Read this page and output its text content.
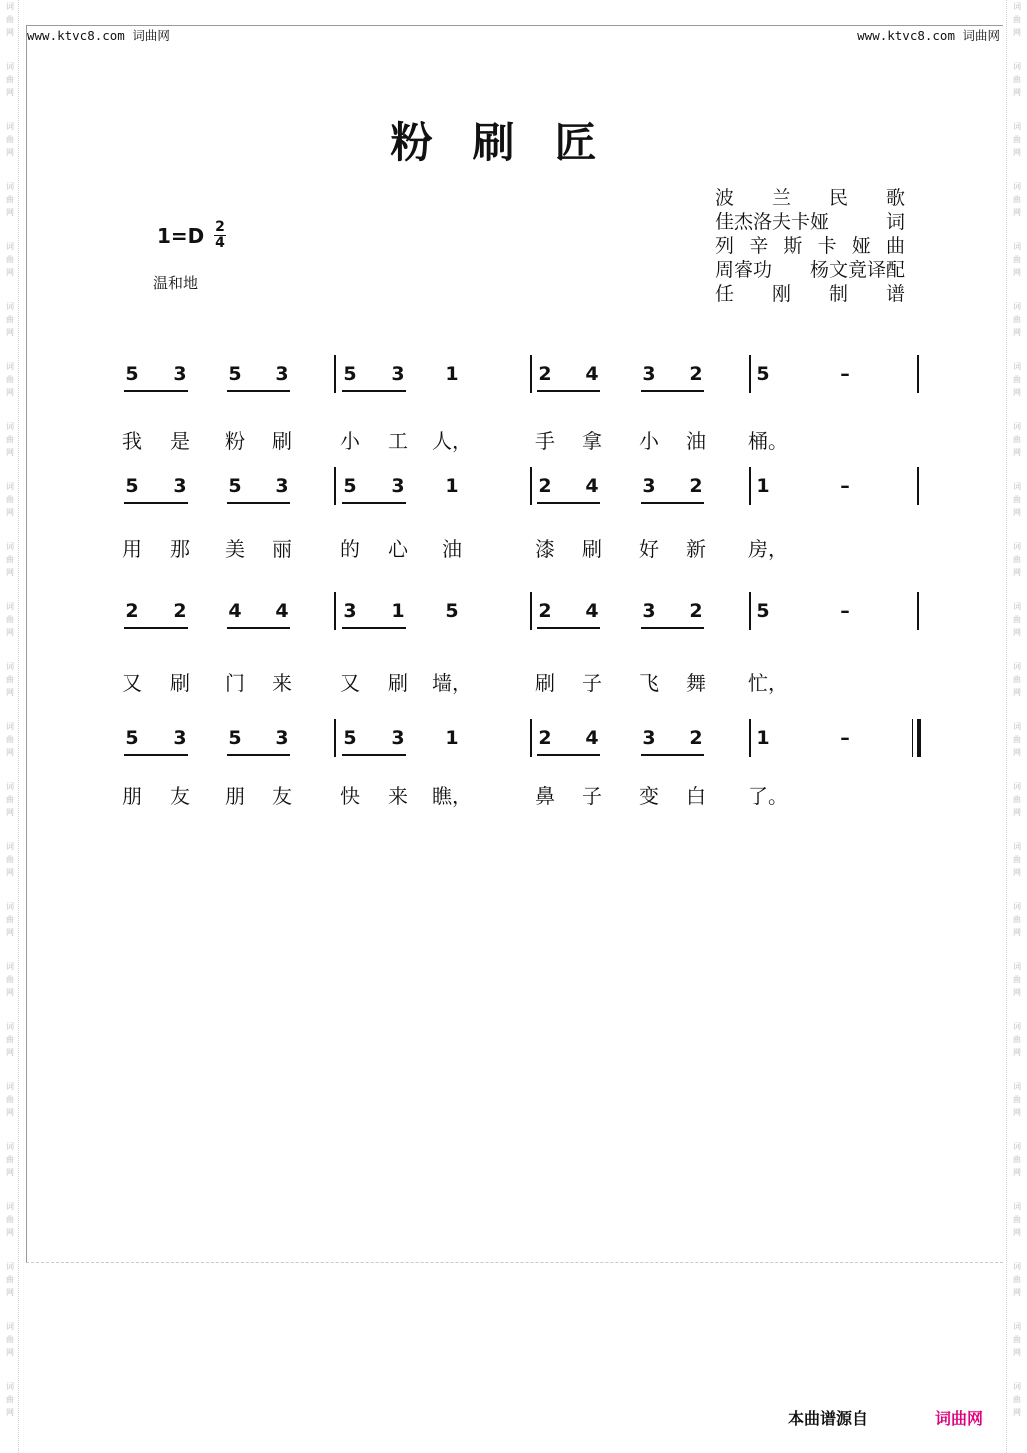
词
曲
网
词
曲
网
词
曲
网
词
曲
网
词
曲
网
词
曲
网
词
曲
网
词
曲
网
词
曲
网
词
曲
网
词
曲
网
词
曲
网
词
曲
网
词
曲
网
词
曲
网
词
曲
网
词
曲
网
词
曲
网
词
曲
网
词
曲
网
词
曲
网
词
曲
网
词
曲
网
词
曲
网
词
曲
网
词
曲
网
词
曲
网
词
曲
网
词
曲
网
词
曲
网
词
曲
网
词
曲
网
词
曲
网
词
曲
网
词
曲
网
词
曲
网
词
曲
网
词
曲
网
词
曲
网
词
曲
网
词
曲
网
词
曲
网
词
曲
网
词
曲
网
词
曲
网
词
曲
网
词
曲
网
词
曲
网
www.ktvc8.com 词曲网	www.ktvc8.com 词曲网
粉刷匠
1=D 2
4
温和地
波 兰 民 歌
佳杰洛夫卡娅	词
列 辛 斯 卡 娅 曲
周睿功 杨文竟译配
任 刚 制 谱
5 3 5 3	5 3 1	2 4 3 2	5	–
我 是 粉 刷 小 工 人，	手 拿 小 油 桶。
5 3 5 3	5 3 1	2 4 3 2	1	–
用 那 美 丽 的 心 油	漆 刷 好 新 房，
2 2 4 4	3 1 5	2 4 3 2	5	–
又 刷 门 来 又 刷 墙，	刷 子 飞 舞 忙，
5 3 5 3	5 3 1	2 4 3 2	1	–
朋 友 朋 友 快 来 瞧，	鼻 子 变 白 了。
本曲谱源自	词曲网
